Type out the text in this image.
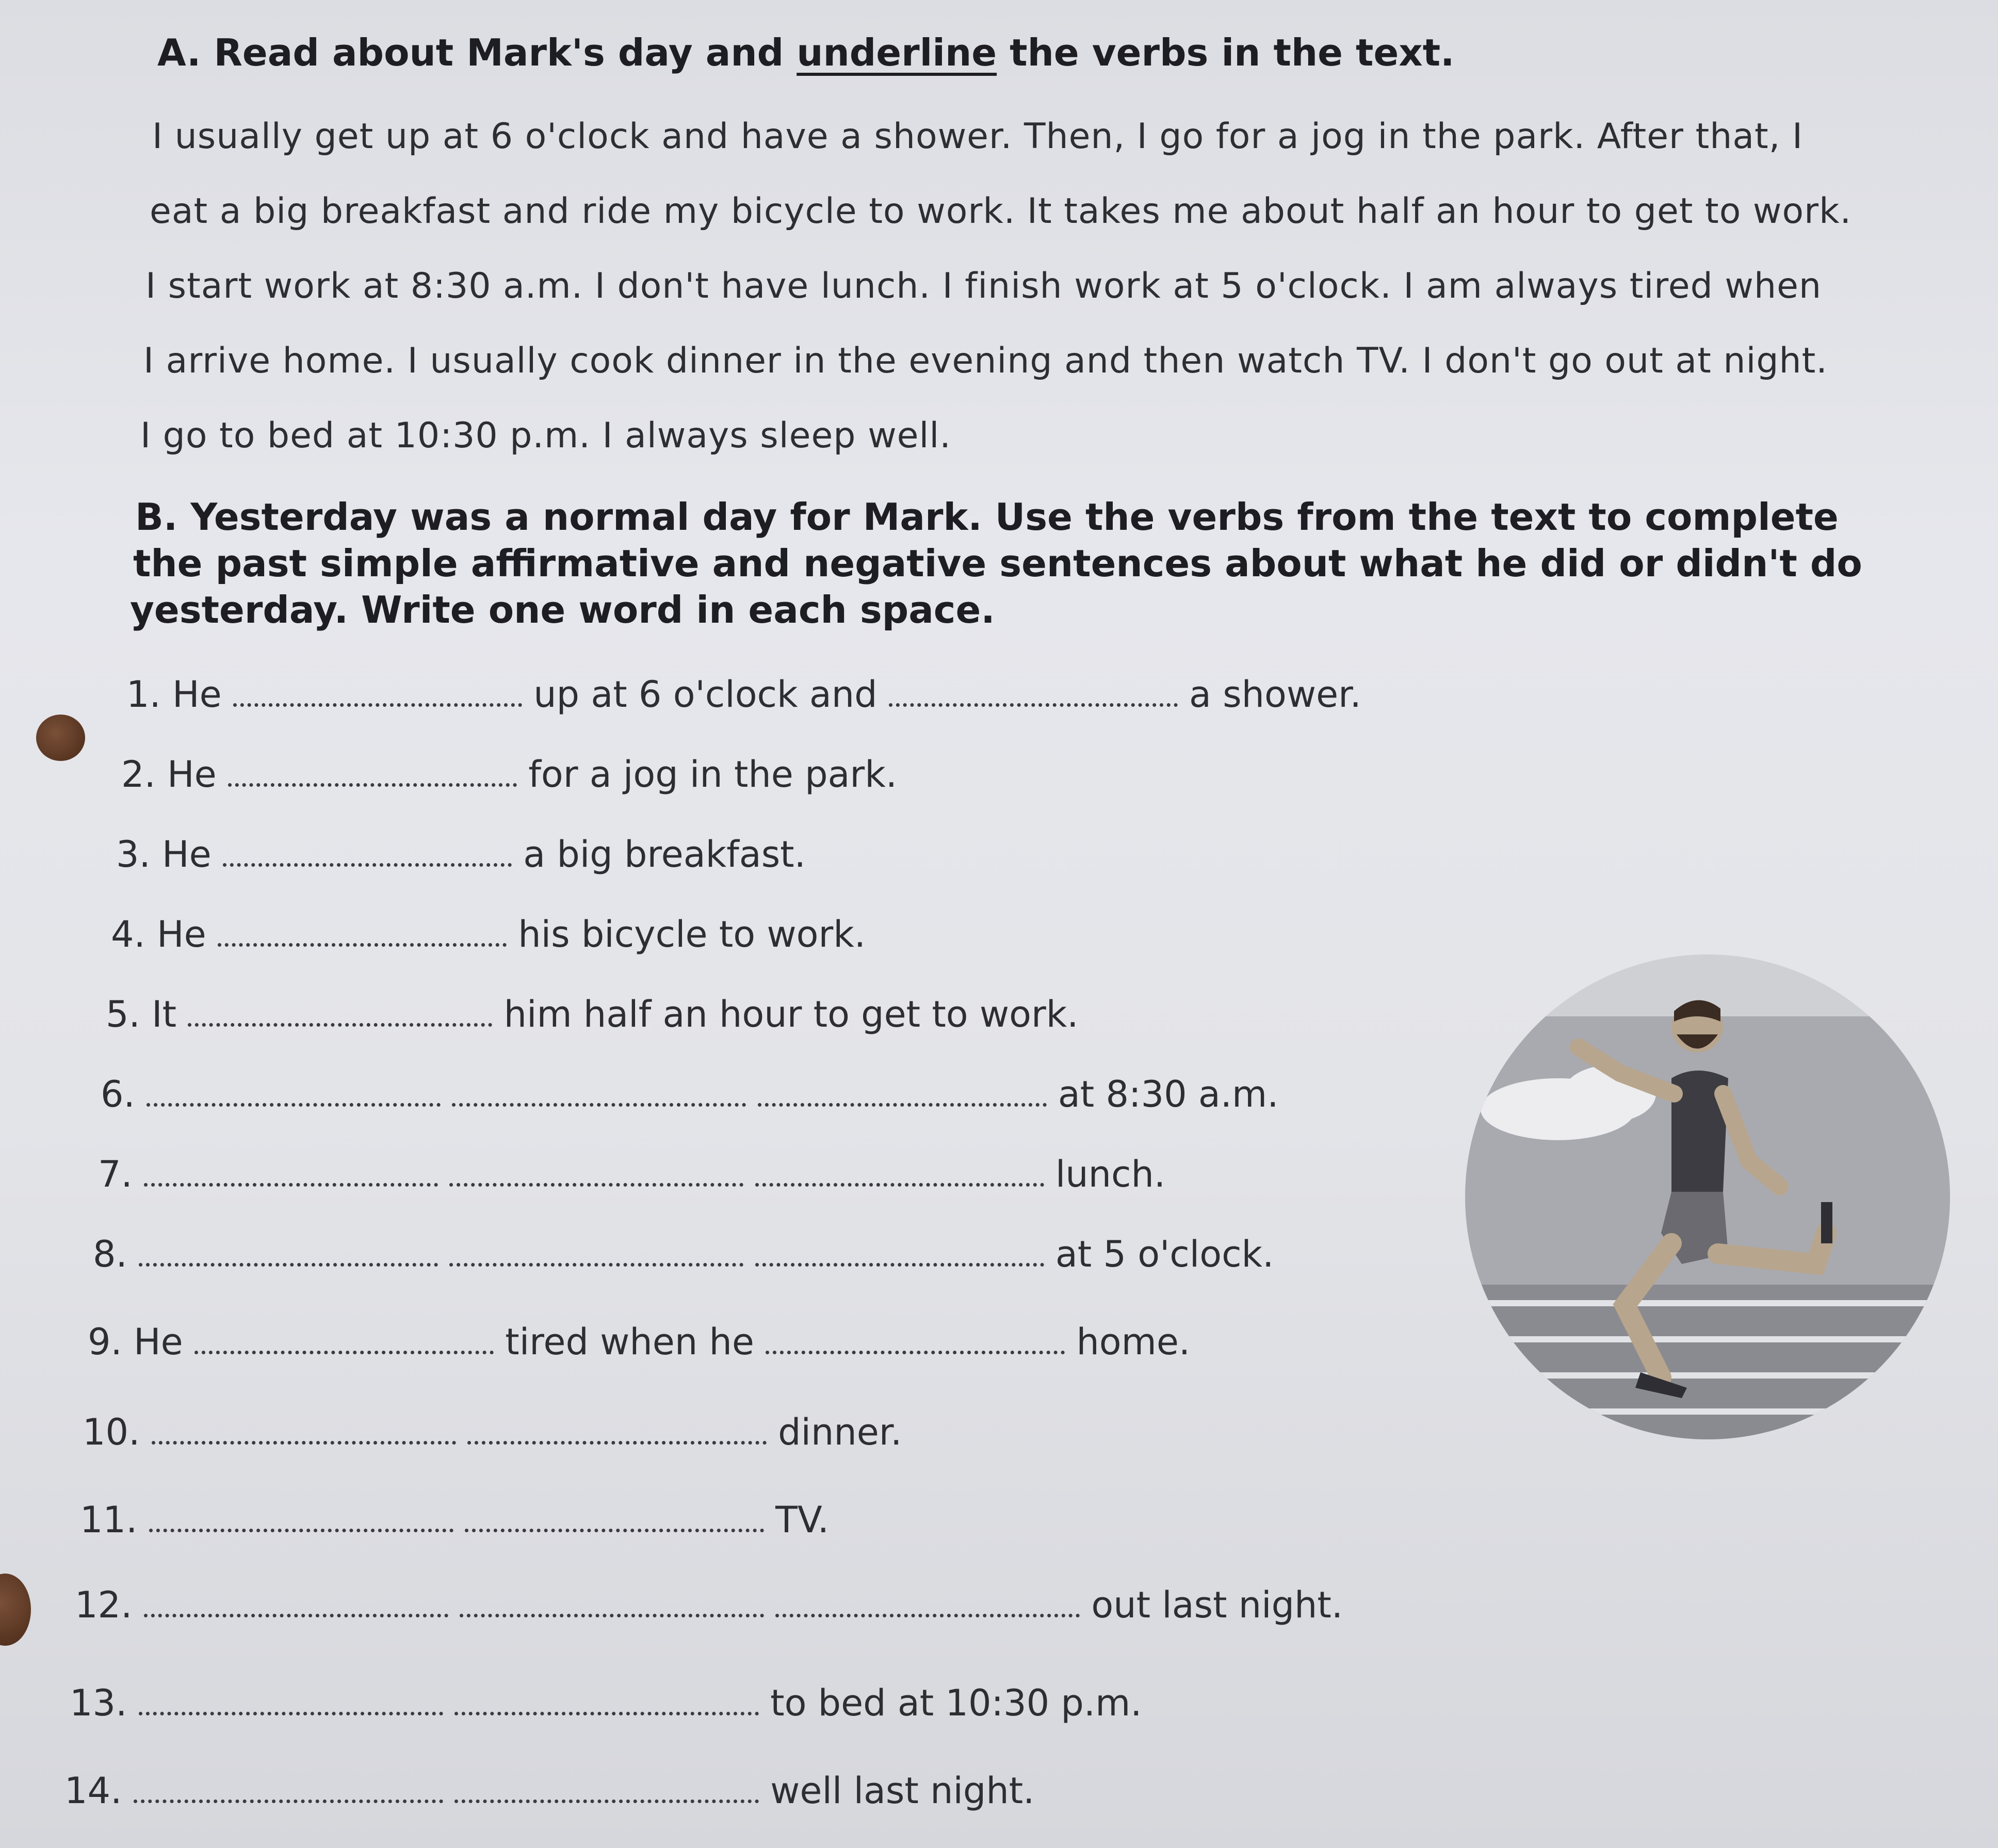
A. Read about Mark's day and underline the verbs in the text.
I usually get up at 6 o'clock and have a shower. Then, I go for a jog in the park. After that, I
eat a big breakfast and ride my bicycle to work. It takes me about half an hour to get to work.
I start work at 8:30 a.m. I don't have lunch. I finish work at 5 o'clock. I am always tired when
I arrive home. I usually cook dinner in the evening and then watch TV. I don't go out at night.
I go to bed at 10:30 p.m. I always sleep well.
B. Yesterday was a normal day for Mark. Use the verbs from the text to complete
the past simple affirmative and negative sentences about what he did or didn't do
yesterday. Write one word in each space.
1. He	up at 6 o'clock and	a shower.
2. He	for a jog in the park.
3. He	a big breakfast.
4. He	his bicycle to work.
5. It	him half an hour to get to work.
6.	at 8:30 a.m.
7.	lunch.
8.	at 5 o'clock.
9. He	tired when he	home.
10.	dinner.
11.	TV.
12.	out last night.
13.	to bed at 10:30 p.m.
14.	well last night.
